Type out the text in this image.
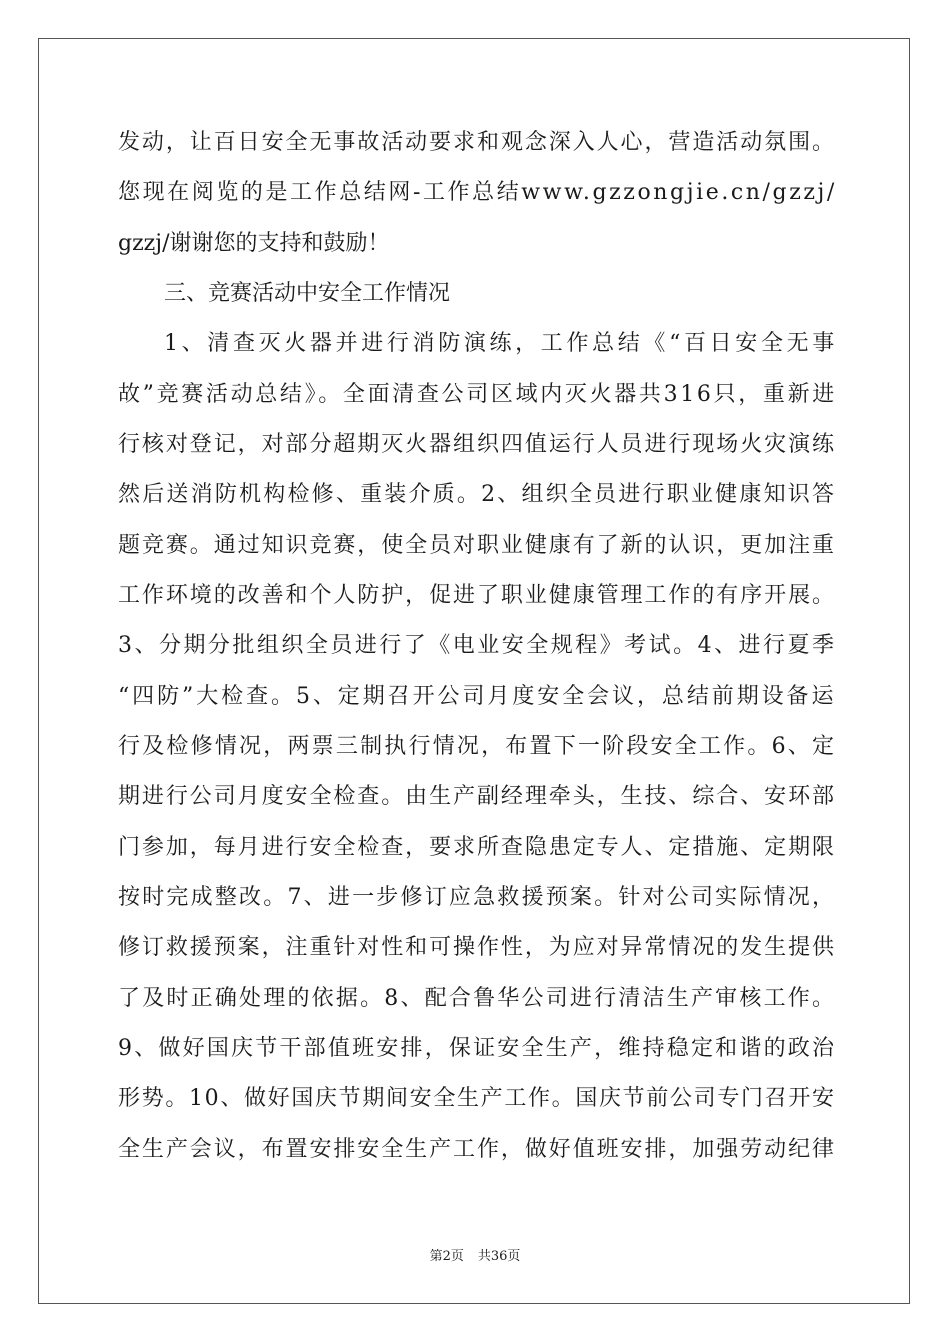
发动，让百日安全无事故活动要求和观念深入人心，营造活动氛围。
您现在阅览的是工作总结网-工作总结www.gzzongjie.cn/gzzj/
gzzj/谢谢您的支持和鼓励！
三、竞赛活动中安全工作情况
1、清查灭火器并进行消防演练，工作总结《“百日安全无事
故”竞赛活动总结》。全面清查公司区域内灭火器共316只，重新进
行核对登记，对部分超期灭火器组织四值运行人员进行现场火灾演练
然后送消防机构检修、重装介质。2、组织全员进行职业健康知识答
题竞赛。通过知识竞赛，使全员对职业健康有了新的认识，更加注重
工作环境的改善和个人防护，促进了职业健康管理工作的有序开展。
3、分期分批组织全员进行了《电业安全规程》考试。4、进行夏季
“四防”大检查。5、定期召开公司月度安全会议，总结前期设备运
行及检修情况，两票三制执行情况，布置下一阶段安全工作。6、定
期进行公司月度安全检查。由生产副经理牵头，生技、综合、安环部
门参加，每月进行安全检查，要求所查隐患定专人、定措施、定期限
按时完成整改。7、进一步修订应急救援预案。针对公司实际情况，
修订救援预案，注重针对性和可操作性，为应对异常情况的发生提供
了及时正确处理的依据。8、配合鲁华公司进行清洁生产审核工作。
9、做好国庆节干部值班安排，保证安全生产，维持稳定和谐的政治
形势。10、做好国庆节期间安全生产工作。国庆节前公司专门召开安
全生产会议，布置安排安全生产工作，做好值班安排，加强劳动纪律
第2页 共36页
